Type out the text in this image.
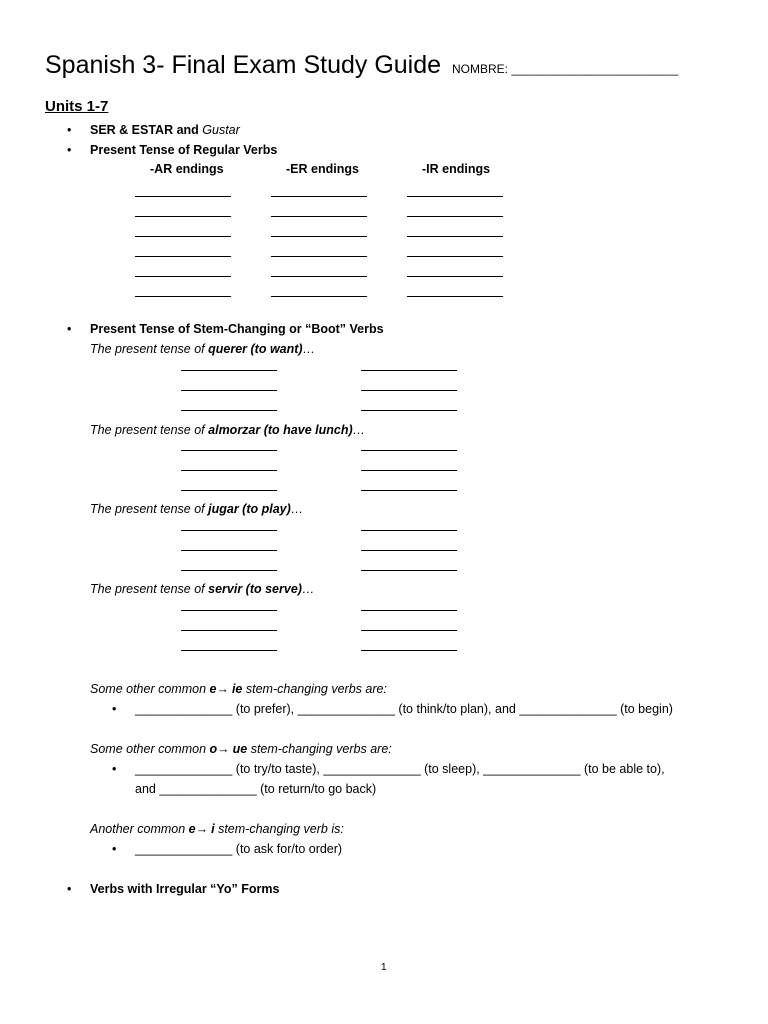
Spanish 3- Final Exam Study Guide NOMBRE: _________________________
Units 1-7
• SER & ESTAR and Gustar
• Present Tense of Regular Verbs
-AR endings	-ER endings	-IR endings
• Present Tense of Stem-Changing or “Boot” Verbs
The present tense of querer (to want)…
The present tense of almorzar (to have lunch)…
The present tense of jugar (to play)…
The present tense of servir (to serve)…
Some other common e→ ie stem-changing verbs are:
• ______________ (to prefer), ______________ (to think/to plan), and ______________ (to begin)
Some other common o→ ue stem-changing verbs are:
• ______________ (to try/to taste), ______________ (to sleep), ______________ (to be able to),
and ______________ (to return/to go back)
Another common e→ i stem-changing verb is:
• ______________ (to ask for/to order)
• Verbs with Irregular “Yo” Forms
1
